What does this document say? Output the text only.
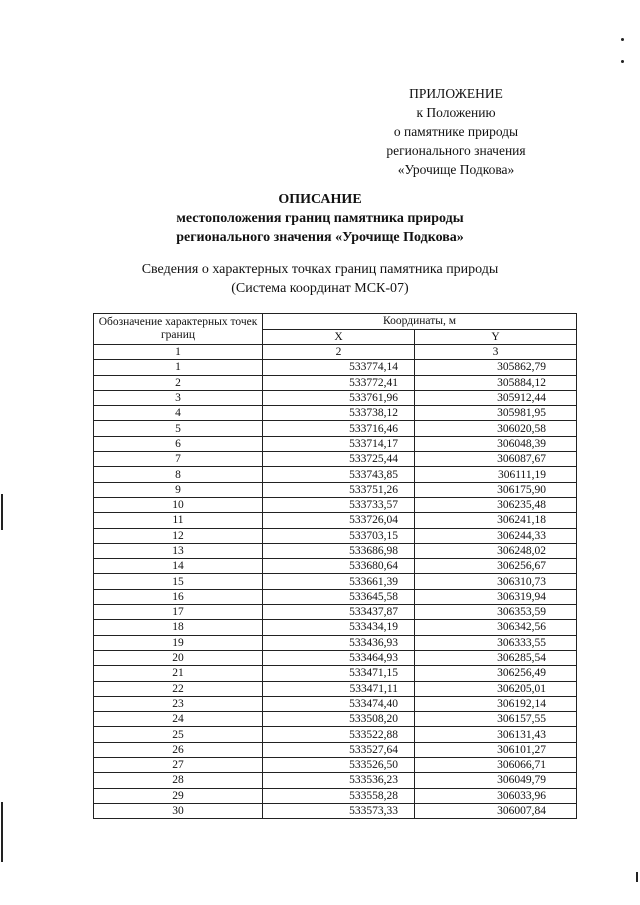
ПРИЛОЖЕНИЕ
к Положению
о памятнике природы
регионального значения
«Урочище Подкова»
ОПИСАНИЕ
местоположения границ памятника природы
регионального значения «Урочище Подкова»
Сведения о характерных точках границ памятника природы
(Система координат МСК-07)
Обозначение характерных точек границ	Координаты, м	
	X	Y
1	2	3
1	533774,14	305862,79
2	533772,41	305884,12
3	533761,96	305912,44
4	533738,12	305981,95
5	533716,46	306020,58
6	533714,17	306048,39
7	533725,44	306087,67
8	533743,85	306111,19
9	533751,26	306175,90
10	533733,57	306235,48
11	533726,04	306241,18
12	533703,15	306244,33
13	533686,98	306248,02
14	533680,64	306256,67
15	533661,39	306310,73
16	533645,58	306319,94
17	533437,87	306353,59
18	533434,19	306342,56
19	533436,93	306333,55
20	533464,93	306285,54
21	533471,15	306256,49
22	533471,11	306205,01
23	533474,40	306192,14
24	533508,20	306157,55
25	533522,88	306131,43
26	533527,64	306101,27
27	533526,50	306066,71
28	533536,23	306049,79
29	533558,28	306033,96
30	533573,33	306007,84
